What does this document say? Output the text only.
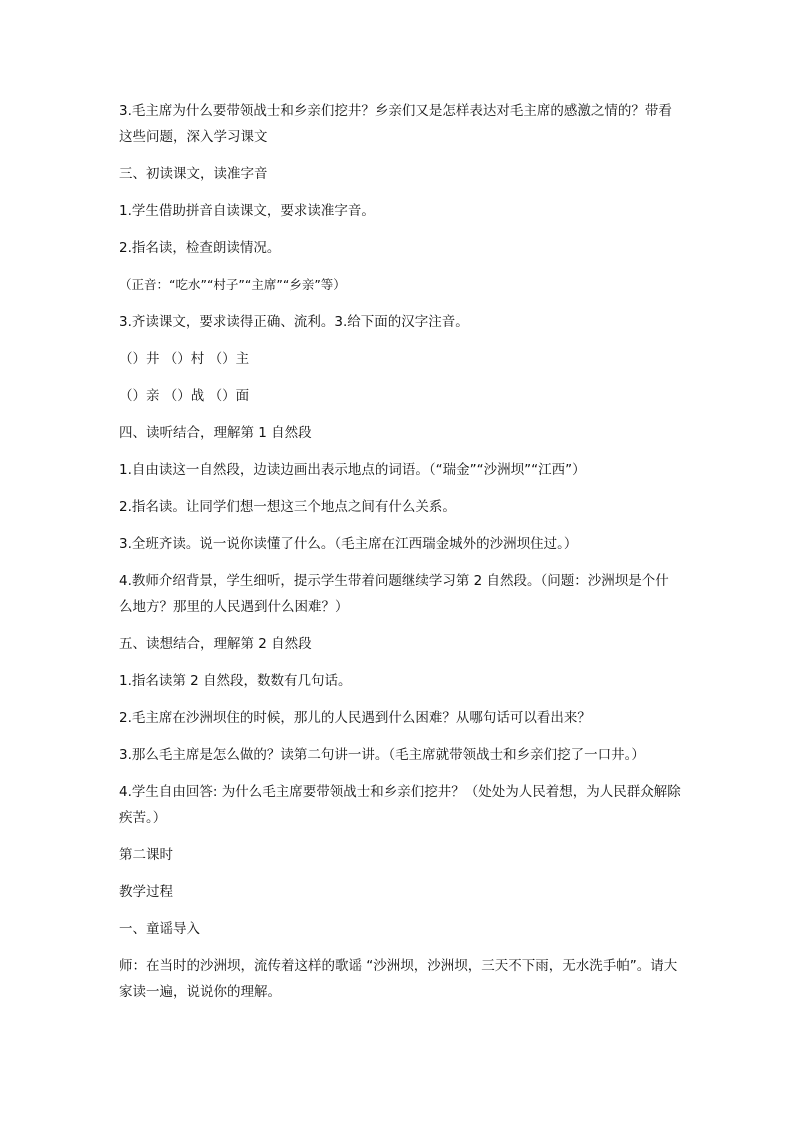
3.毛主席为什么要带领战士和乡亲们挖井？乡亲们又是怎样表达对毛主席的感激之情的？带看这些问题，深入学习课文

三、初读课文，读准字音

1.学生借助拼音自读课文，要求读准字音。

2.指名读，检查朗读情况。

（正音：“吃水”“村子”“主席”“乡亲”等）

3.齐读课文，要求读得正确、流利。3.给下面的汉字注音。

（）井 （）村 （）主

（）亲 （）战 （）面

四、读听结合，理解第 1 自然段

1.自由读这一自然段，边读边画出表示地点的词语。（“瑞金”“沙洲坝”“江西”）

2.指名读。让同学们想一想这三个地点之间有什么关系。

3.全班齐读。说一说你读懂了什么。（毛主席在江西瑞金城外的沙洲坝住过。）

4.教师介绍背景，学生细听，提示学生带着问题继续学习第 2 自然段。（问题：沙洲坝是个什么地方？那里的人民遇到什么困难？）

五、读想结合，理解第 2 自然段

1.指名读第 2 自然段，数数有几句话。

2.毛主席在沙洲坝住的时候，那儿的人民遇到什么困难？从哪句话可以看出来？

3.那么毛主席是怎么做的？读第二句讲一讲。（毛主席就带领战士和乡亲们挖了一口井。）

4.学生自由回答: 为什么毛主席要带领战士和乡亲们挖井？（处处为人民着想，为人民群众解除疾苦。）

第二课时

教学过程

一、童谣导入

师：在当时的沙洲坝，流传着这样的歌谣 “沙洲坝，沙洲坝，三天不下雨，无水洗手帕”。请大家读一遍，说说你的理解。
